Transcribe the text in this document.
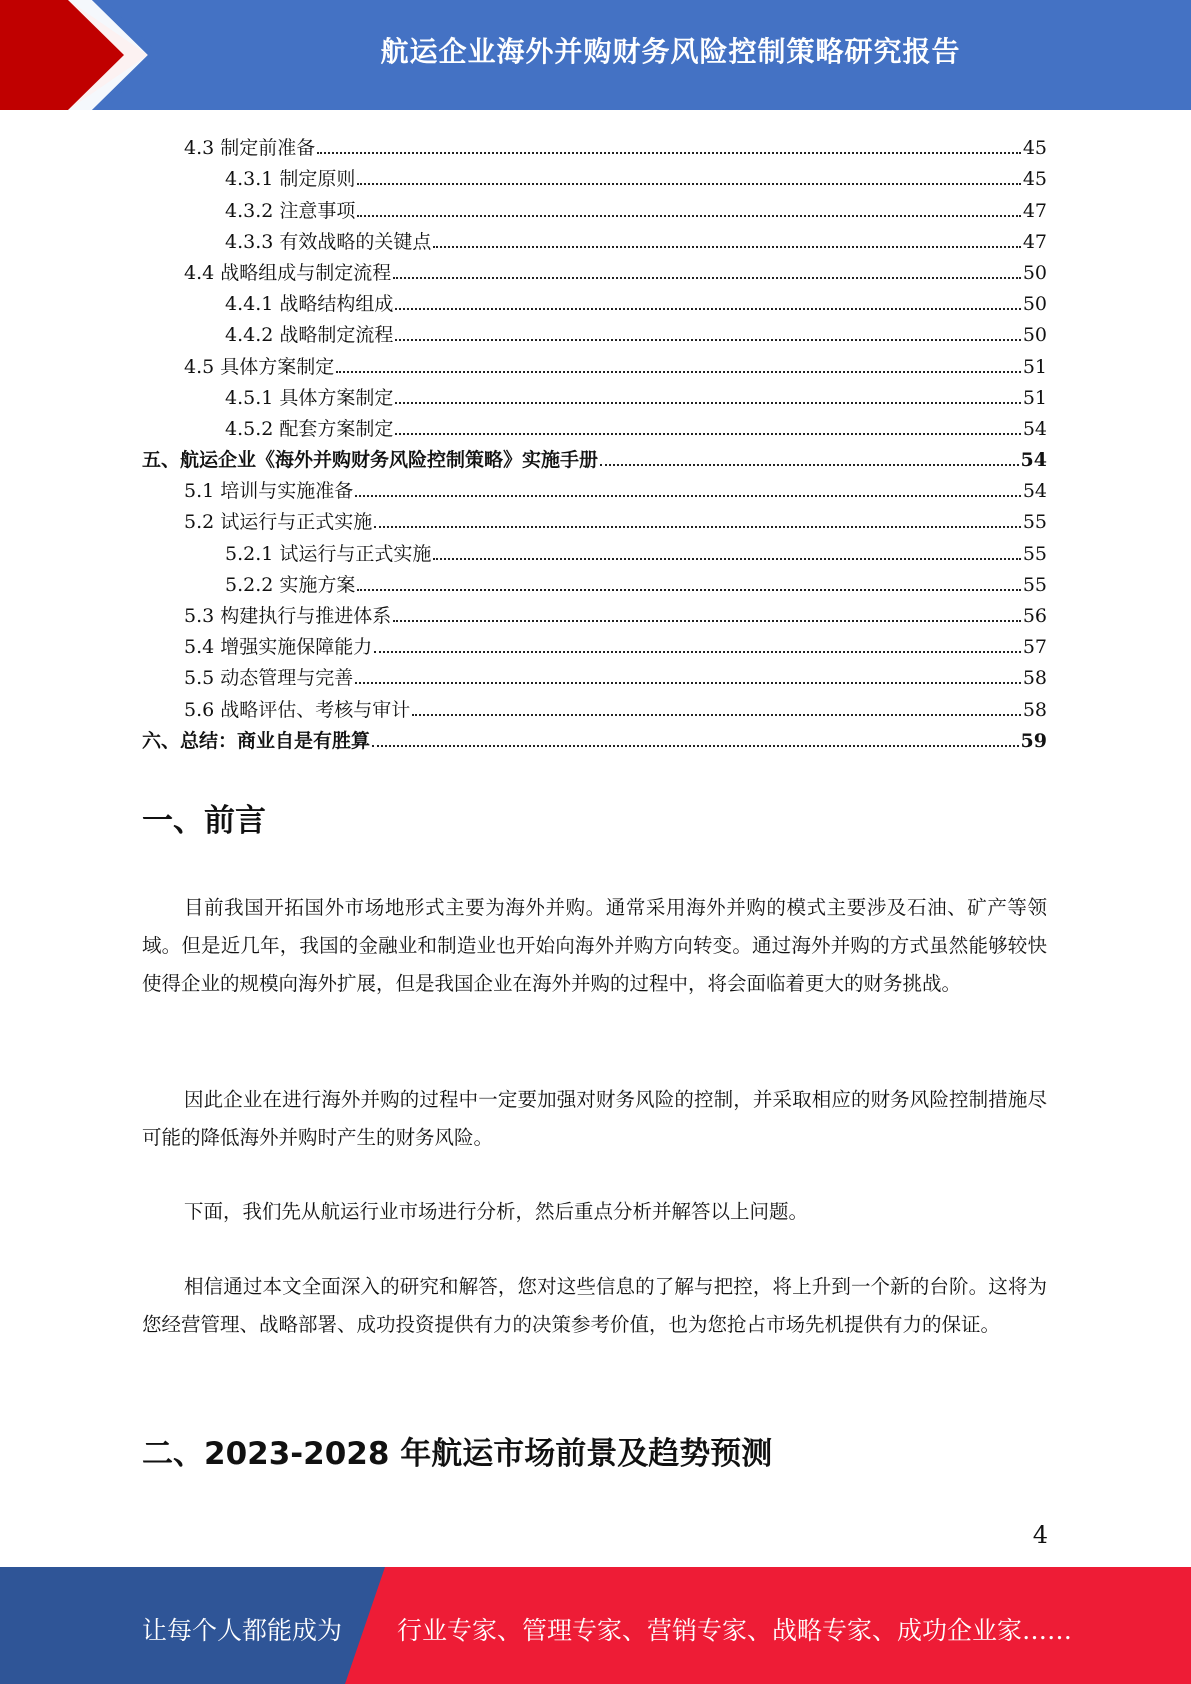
航运企业海外并购财务风险控制策略研究报告
4.3 制定前准备	45
4.3.1 制定原则	45
4.3.2 注意事项	47
4.3.3 有效战略的关键点	47
4.4 战略组成与制定流程	50
4.4.1 战略结构组成	50
4.4.2 战略制定流程	50
4.5 具体方案制定	51
4.5.1 具体方案制定	51
4.5.2 配套方案制定	54
五、航运企业《海外并购财务风险控制策略》实施手册	54
5.1 培训与实施准备	54
5.2 试运行与正式实施	55
5.2.1 试运行与正式实施	55
5.2.2 实施方案	55
5.3 构建执行与推进体系	56
5.4 增强实施保障能力	57
5.5 动态管理与完善	58
5.6 战略评估、考核与审计	58
六、总结：商业自是有胜算	59
一、前言
目前我国开拓国外市场地形式主要为海外并购。通常采用海外并购的模式主要涉及石油、矿产等领域。但是近几年，我国的金融业和制造业也开始向海外并购方向转变。通过海外并购的方式虽然能够较快使得企业的规模向海外扩展，但是我国企业在海外并购的过程中，将会面临着更大的财务挑战。
因此企业在进行海外并购的过程中一定要加强对财务风险的控制，并采取相应的财务风险控制措施尽可能的降低海外并购时产生的财务风险。
下面，我们先从航运行业市场进行分析，然后重点分析并解答以上问题。
相信通过本文全面深入的研究和解答，您对这些信息的了解与把控，将上升到一个新的台阶。这将为您经营管理、战略部署、成功投资提供有力的决策参考价值，也为您抢占市场先机提供有力的保证。
二、2023-2028 年航运市场前景及趋势预测
4
让每个人都能成为 行业专家、管理专家、营销专家、战略专家、成功企业家……
